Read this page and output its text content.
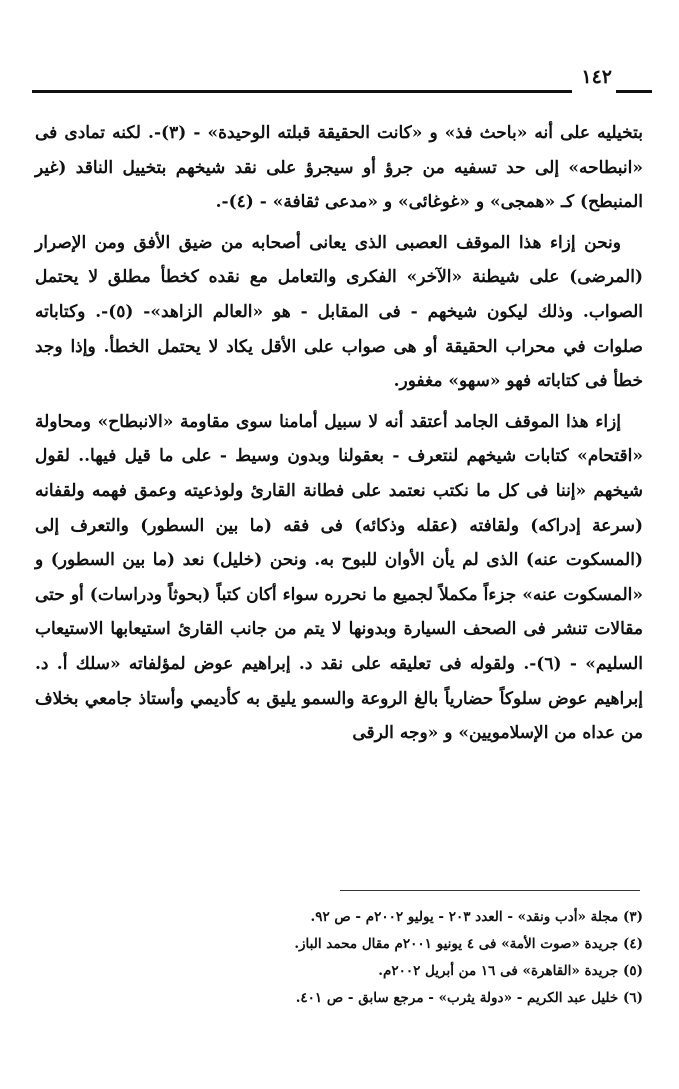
١٤٢

بتخيليه على أنه «باحث فذ» و «كانت الحقيقة قبلته الوحيدة» - (٣)-. لكنه تمادى فى «انبطاحه» إلى حد تسفيه من جرؤ أو سيجرؤ على نقد شيخهم بتخييل الناقد (غير المنبطح) كـ «همجى» و «غوغائى» و «مدعى ثقافة» - (٤)-.

ونحن إزاء هذا الموقف العصبى الذى يعانى أصحابه من ضيق الأفق ومن الإصرار (المرضى) على شيطنة «الآخر» الفكرى والتعامل مع نقده كخطأ مطلق لا يحتمل الصواب. وذلك ليكون شيخهم - فى المقابل - هو «العالم الزاهد»- (٥)-. وكتاباته صلوات في محراب الحقيقة أو هى صواب على الأقل يكاد لا يحتمل الخطأ. وإذا وجد خطأ فى كتاباته فهو «سهو» مغفور.

إزاء هذا الموقف الجامد أعتقد أنه لا سبيل أمامنا سوى مقاومة «الانبطاح» ومحاولة «اقتحام» كتابات شيخهم لنتعرف - بعقولنا وبدون وسيط - على ما قيل فيها.. لقول شيخهم «إننا فى كل ما نكتب نعتمد على فطانة القارئ ولوذعيته وعمق فهمه ولقفانه (سرعة إدراكه) ولقافته (عقله وذكائه) فى فقه (ما بين السطور) والتعرف إلى (المسكوت عنه) الذى لم يأن الأوان للبوح به. ونحن (خليل) نعد (ما بين السطور) و «المسكوت عنه» جزءاً مكملاً لجميع ما نحرره سواء أكان كتباً (بحوثاً ودراسات) أو حتى مقالات تنشر فى الصحف السيارة وبدونها لا يتم من جانب القارئ استيعابها الاستيعاب السليم» - (٦)-. ولقوله فى تعليقه على نقد د. إبراهيم عوض لمؤلفاته «سلك أ. د. إبراهيم عوض سلوكاً حضارياً بالغ الروعة والسمو يليق به كأديمي وأستاذ جامعي بخلاف من عداه من الإسلامويين» و «وجه الرقى

(٣) مجلة «أدب ونقد» - العدد ٢٠٣ - يوليو ٢٠٠٢م - ص ٩٢.
(٤) جريدة «صوت الأمة» فى ٤ يونيو ٢٠٠١م مقال محمد الباز.
(٥) جريدة «القاهرة» فى ١٦ من أبريل ٢٠٠٢م.
(٦) خليل عبد الكريم - «دولة يثرب» - مرجع سابق - ص ٤٠١.
